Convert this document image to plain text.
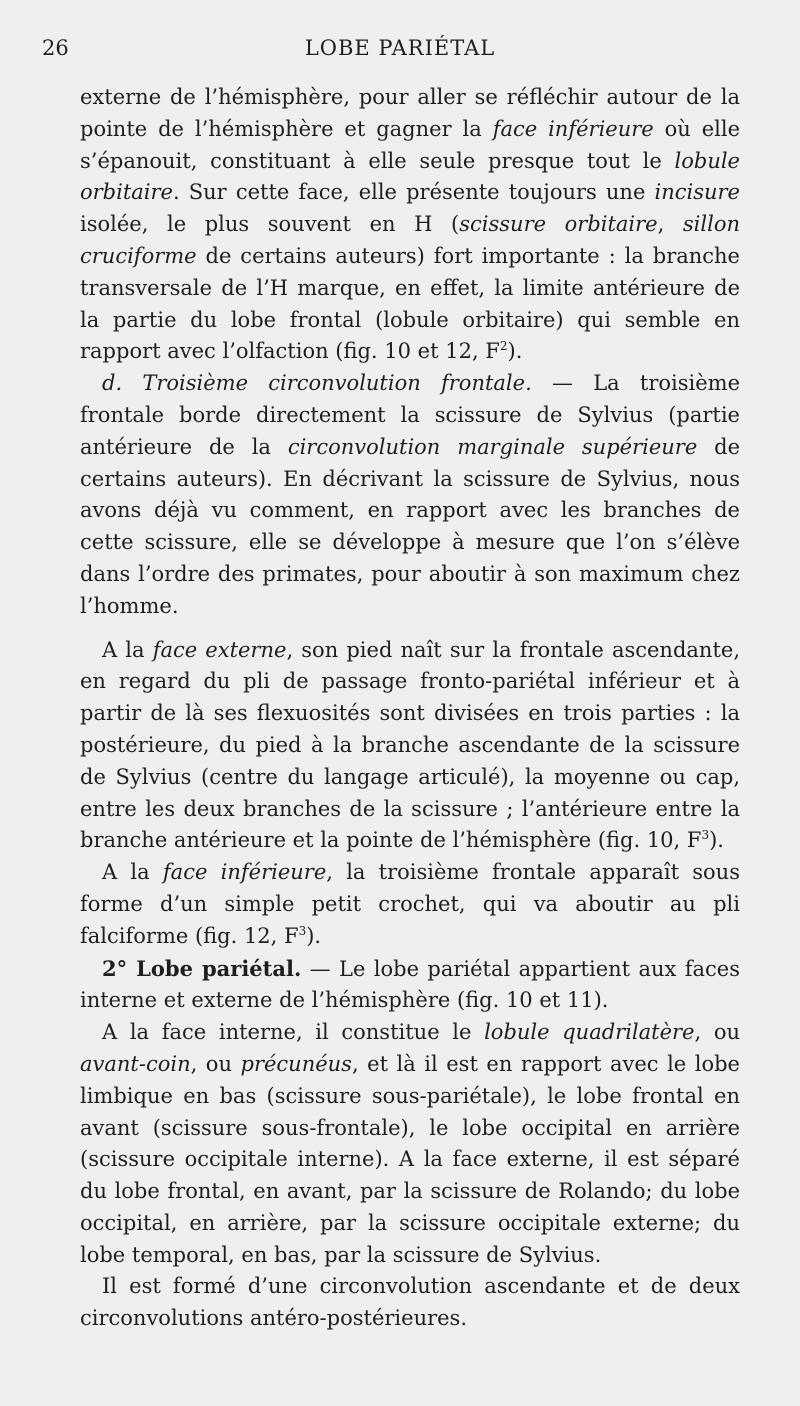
26	LOBE PARIÉTAL

externe de l’hémisphère, pour aller se réfléchir autour de la pointe de l’hémisphère et gagner la face inférieure où elle s’épanouit, constituant à elle seule presque tout le lobule orbitaire. Sur cette face, elle présente toujours une incisure isolée, le plus souvent en H (scissure orbitaire, sillon cruciforme de certains auteurs) fort importante : la branche transversale de l’H marque, en effet, la limite antérieure de la partie du lobe frontal (lobule orbitaire) qui semble en rapport avec l’olfaction (fig. 10 et 12, $F^2$).

d. Troisième circonvolution frontale. — La troisième frontale borde directement la scissure de Sylvius (partie antérieure de la circonvolution marginale supérieure de certains auteurs). En décrivant la scissure de Sylvius, nous avons déjà vu comment, en rapport avec les branches de cette scissure, elle se développe à mesure que l’on s’élève dans l’ordre des primates, pour aboutir à son maximum chez l’homme.

A la face externe, son pied naît sur la frontale ascendante, en regard du pli de passage fronto-pariétal inférieur et à partir de là ses flexuosités sont divisées en trois parties : la postérieure, du pied à la branche ascendante de la scissure de Sylvius (centre du langage articulé), la moyenne ou cap, entre les deux branches de la scissure ; l’antérieure entre la branche antérieure et la pointe de l’hémisphère (fig. 10, $F^3$).

A la face inférieure, la troisième frontale apparaît sous forme d’un simple petit crochet, qui va aboutir au pli falciforme (fig. 12, $F^3$).

2° Lobe pariétal. — Le lobe pariétal appartient aux faces interne et externe de l’hémisphère (fig. 10 et 11).

A la face interne, il constitue le lobule quadrilatère, ou avant-coin, ou précunéus, et là il est en rapport avec le lobe limbique en bas (scissure sous-pariétale), le lobe frontal en avant (scissure sous-frontale), le lobe occipital en arrière (scissure occipitale interne). A la face externe, il est séparé du lobe frontal, en avant, par la scissure de Rolando; du lobe occipital, en arrière, par la scissure occipitale externe; du lobe temporal, en bas, par la scissure de Sylvius.

Il est formé d’une circonvolution ascendante et de deux circonvolutions antéro-postérieures.
